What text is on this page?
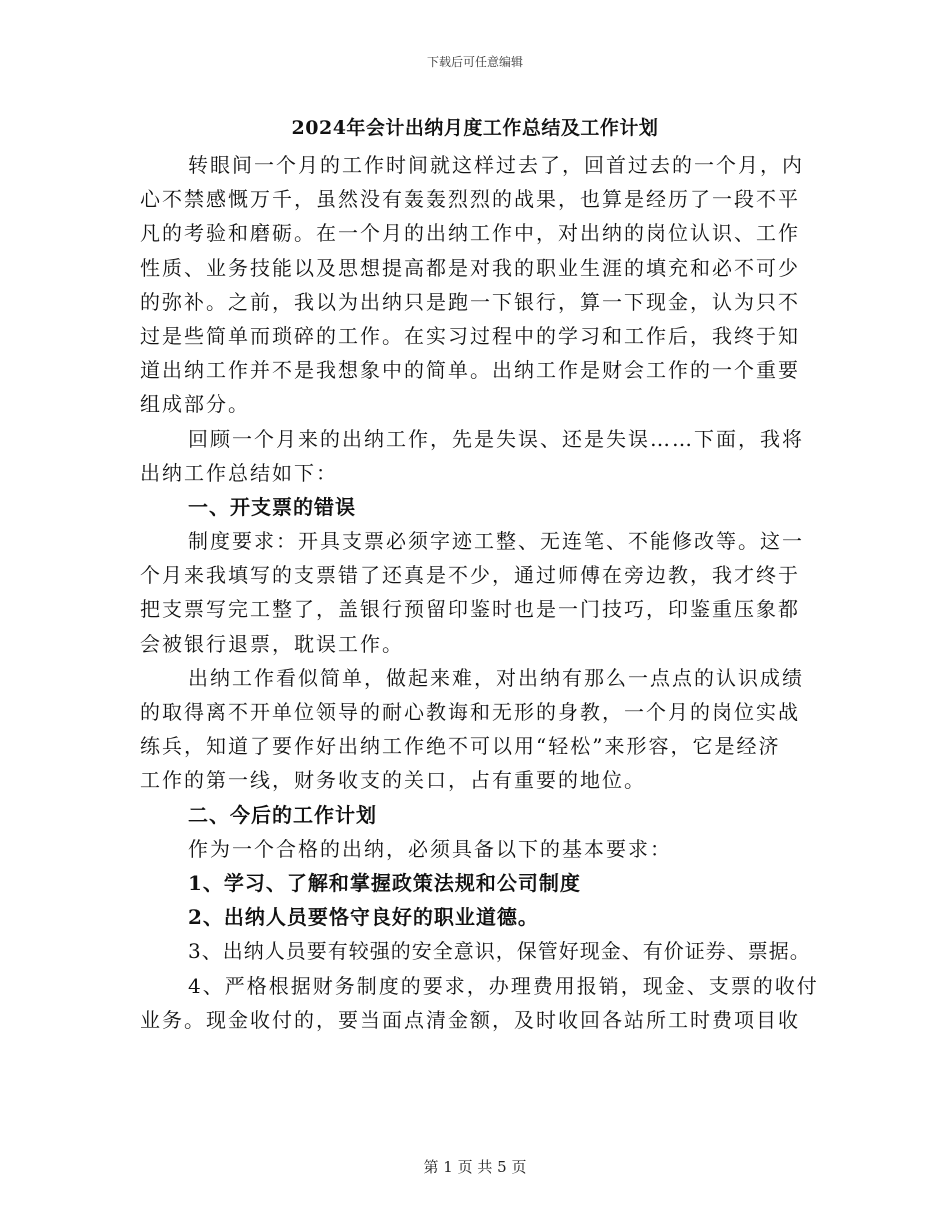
下载后可任意编辑
2024年会计出纳月度工作总结及工作计划
转眼间一个月的工作时间就这样过去了，回首过去的一个月，内
心不禁感慨万千，虽然没有轰轰烈烈的战果，也算是经历了一段不平
凡的考验和磨砺。在一个月的出纳工作中，对出纳的岗位认识、工作
性质、业务技能以及思想提高都是对我的职业生涯的填充和必不可少
的弥补。之前，我以为出纳只是跑一下银行，算一下现金，认为只不
过是些简单而琐碎的工作。在实习过程中的学习和工作后，我终于知
道出纳工作并不是我想象中的简单。出纳工作是财会工作的一个重要
组成部分。
回顾一个月来的出纳工作，先是失误、还是失误……下面，我将
出纳工作总结如下：
一、开支票的错误
制度要求：开具支票必须字迹工整、无连笔、不能修改等。这一
个月来我填写的支票错了还真是不少，通过师傅在旁边教，我才终于
把支票写完工整了，盖银行预留印鉴时也是一门技巧，印鉴重压象都
会被银行退票，耽误工作。
出纳工作看似简单，做起来难，对出纳有那么一点点的认识成绩
的取得离不开单位领导的耐心教诲和无形的身教，一个月的岗位实战
练兵，知道了要作好出纳工作绝不可以用“轻松”来形容，它是经济
工作的第一线，财务收支的关口，占有重要的地位。
二、今后的工作计划
作为一个合格的出纳，必须具备以下的基本要求：
1、学习、了解和掌握政策法规和公司制度
2、出纳人员要恪守良好的职业道德。
3、出纳人员要有较强的安全意识，保管好现金、有价证券、票据。
4、严格根据财务制度的要求，办理费用报销，现金、支票的收付
业务。现金收付的，要当面点清金额，及时收回各站所工时费项目收
第 1 页 共 5 页
